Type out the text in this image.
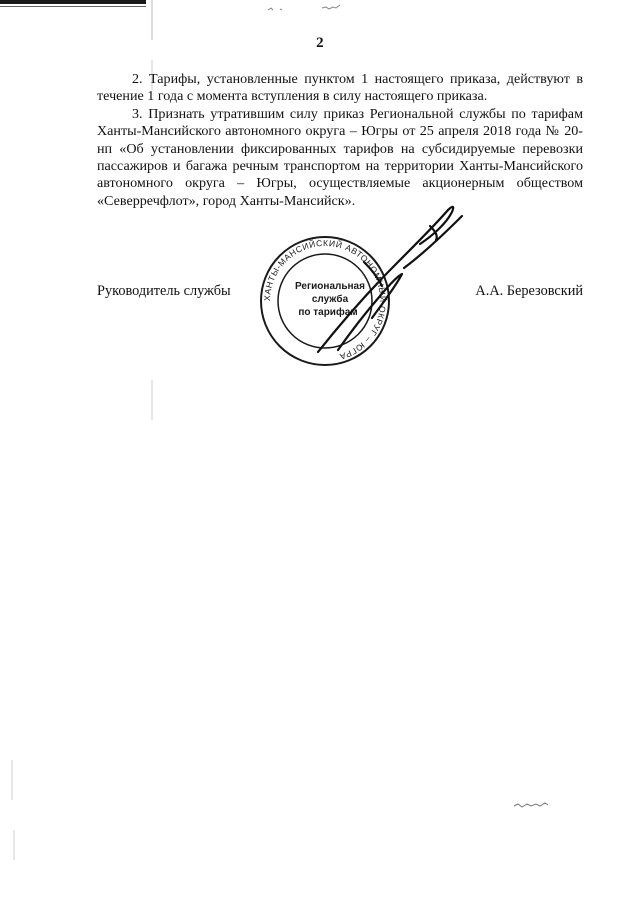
2

2. Тарифы, установленные пунктом 1 настоящего приказа, действуют в течение 1 года с момента вступления в силу настоящего приказа.

3. Признать утратившим силу приказ Региональной службы по тарифам Ханты-Мансийского автономного округа – Югры от 25 апреля 2018 года № 20-нп «Об установлении фиксированных тарифов на субсидируемые перевозки пассажиров и багажа речным транспортом на территории Ханты-Мансийского автономного округа – Югры, осуществляемые акционерным обществом «Северречфлот», город Ханты-Мансийск».

Руководитель службы	А.А. Березовский
ХАНТЫ-МАНСИЙСКИЙ АВТОНОМНЫЙ ОКРУГ – ЮГРА
Региональная
служба
по тарифам
